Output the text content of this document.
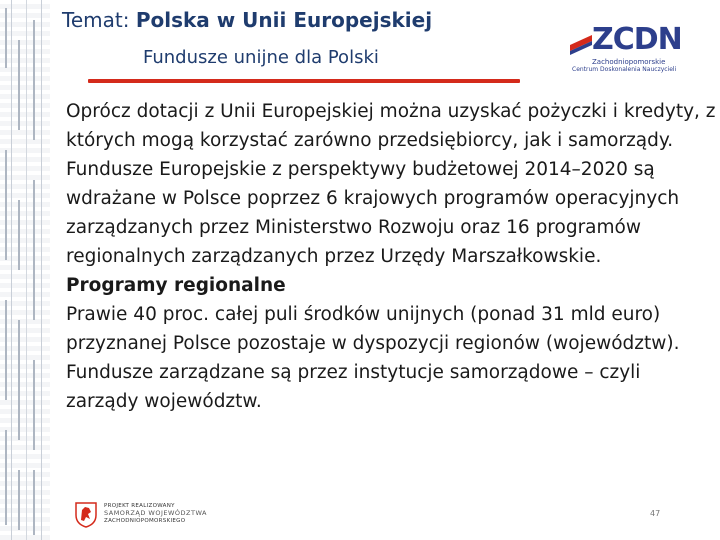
Temat: Polska w Unii Europejskiej
Fundusze unijne dla Polski
ZCDN
Zachodniopomorskie
Centrum Doskonalenia Nauczycieli

Oprócz dotacji z Unii Europejskiej można uzyskać pożyczki i kredyty, z których mogą korzystać zarówno przedsiębiorcy, jak i samorządy.

Fundusze Europejskie z perspektywy budżetowej 2014–2020 są wdrażane w Polsce poprzez 6 krajowych programów operacyjnych zarządzanych przez Ministerstwo Rozwoju oraz 16 programów regionalnych zarządzanych przez Urzędy Marszałkowskie.

Programy regionalne

Prawie 40 proc. całej puli środków unijnych (ponad 31 mld euro) przyznanej Polsce pozostaje w dyspozycji regionów (województw).

Fundusze zarządzane są przez instytucje samorządowe – czyli zarządy województw.

PROJEKT REALIZOWANY
SAMORZĄD WOJEWÓDZTWA
ZACHODNIOPOMORSKIEGO
47
